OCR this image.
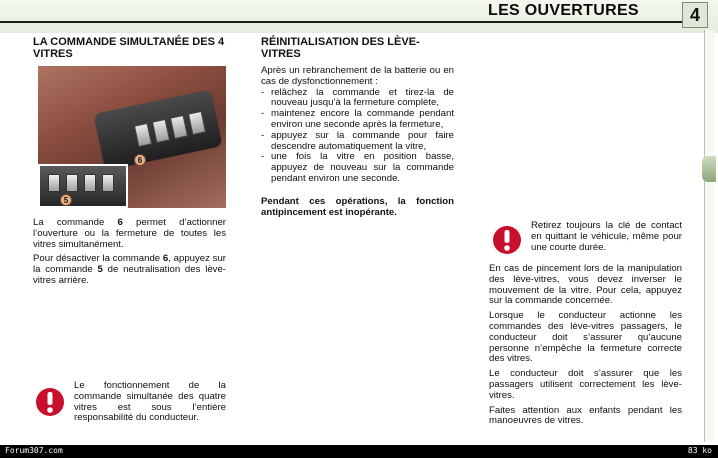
LES OUVERTURES	4
LA COMMANDE SIMULTANÉE DES 4 VITRES
6
5

La commande 6 permet d’actionner l’ouverture ou la fermeture de toutes les vitres simultanément.

Pour désactiver la commande 6, appuyez sur la commande 5 de neutralisation des lève-vitres arrière.

Le fonctionnement de la commande simultanée des quatre vitres est sous l’entière responsabilité du conducteur.
RÉINITIALISATION DES LÈVE-VITRES

Après un rebranchement de la batterie ou en cas de dysfonctionnement :

- relâchez la commande et tirez-la de nouveau jusqu’à la fermeture complète,
- maintenez encore la commande pendant environ une seconde après la fermeture,
- appuyez sur la commande pour faire descendre automatiquement la vitre,
- une fois la vitre en position basse, appuyez de nouveau sur la commande pendant environ une seconde.

Pendant ces opérations, la fonction antipincement est inopérante.

Retirez toujours la clé de contact en quittant le véhicule, même pour une courte durée.

En cas de pincement lors de la manipulation des lève-vitres, vous devez inverser le mouvement de la vitre. Pour cela, appuyez sur la commande concernée.

Lorsque le conducteur actionne les commandes des lève-vitres passagers, le conducteur doit s’assurer qu’aucune personne n’empêche la fermeture correcte des vitres.

Le conducteur doit s’assurer que les passagers utilisent correctement les lève-vitres.

Faites attention aux enfants pendant les manoeuvres de vitres.

Forum307.com	83 ko
